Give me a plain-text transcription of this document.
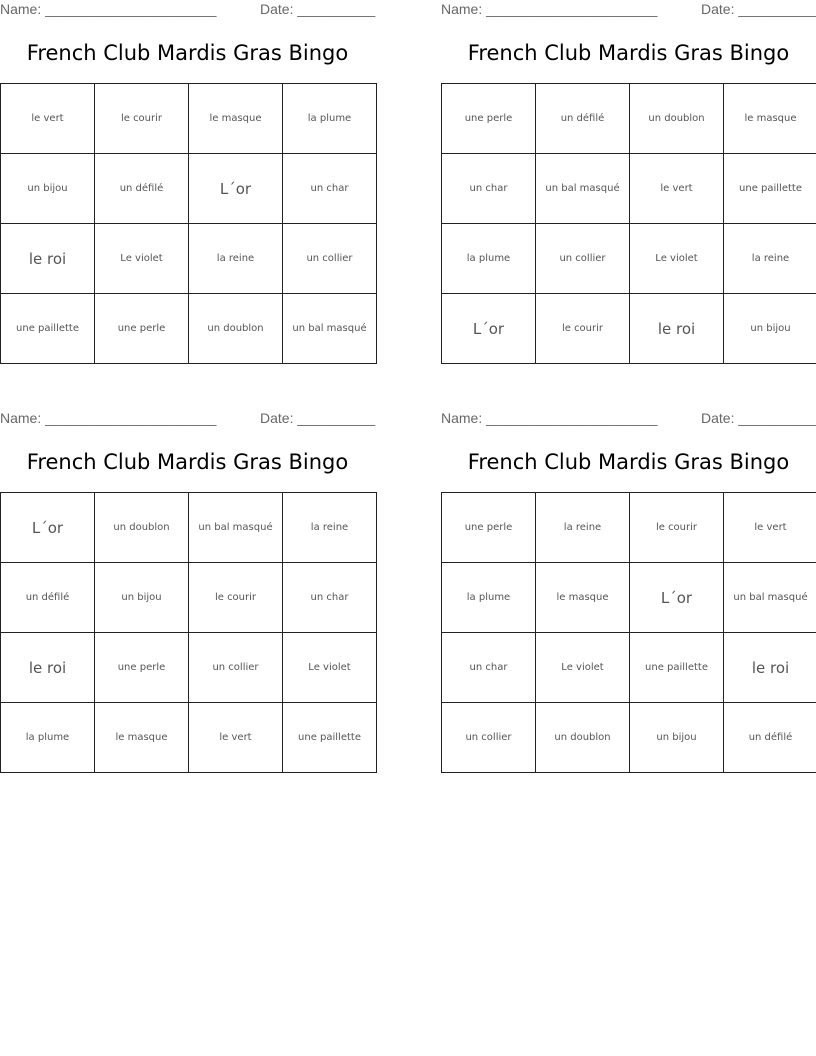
Name: ______________________	Date: __________
French Club Mardis Gras Bingo
le vert	le courir	le masque	la plume
un bijou	un défilé	L´or	un char
le roi	Le violet	la reine	un collier
une paillette	une perle	un doublon	un bal masqué
Name: ______________________	Date: __________
French Club Mardis Gras Bingo
une perle	un défilé	un doublon	le masque
un char	un bal masqué	le vert	une paillette
la plume	un collier	Le violet	la reine
L´or	le courir	le roi	un bijou
Name: ______________________	Date: __________
French Club Mardis Gras Bingo
L´or	un doublon	un bal masqué	la reine
un défilé	un bijou	le courir	un char
le roi	une perle	un collier	Le violet
la plume	le masque	le vert	une paillette
Name: ______________________	Date: __________
French Club Mardis Gras Bingo
une perle	la reine	le courir	le vert
la plume	le masque	L´or	un bal masqué
un char	Le violet	une paillette	le roi
un collier	un doublon	un bijou	un défilé
